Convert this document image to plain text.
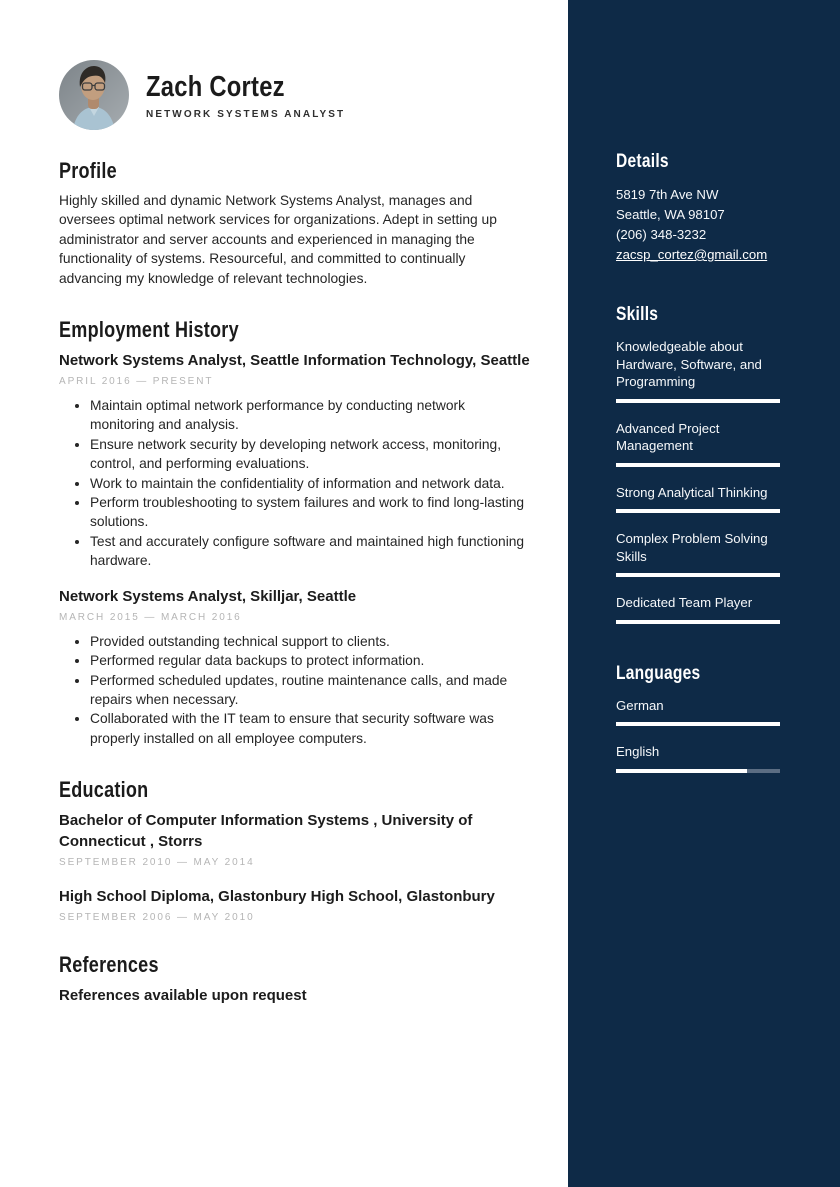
Zach Cortez
NETWORK SYSTEMS ANALYST
Profile

Highly skilled and dynamic Network Systems Analyst, manages and oversees optimal network services for organizations. Adept in setting up administrator and server accounts and experienced in managing the functionality of systems. Resourceful, and committed to continually advancing my knowledge of relevant technologies.

Employment History
Network Systems Analyst, Seattle Information Technology, Seattle
APRIL 2016 — PRESENT
• Maintain optimal network performance by conducting network monitoring and analysis.
• Ensure network security by developing network access, monitoring, control, and performing evaluations.
• Work to maintain the confidentiality of information and network data.
• Perform troubleshooting to system failures and work to find long-lasting solutions.
• Test and accurately configure software and maintained high functioning hardware.
Network Systems Analyst, Skilljar, Seattle
MARCH 2015 — MARCH 2016
• Provided outstanding technical support to clients.
• Performed regular data backups to protect information.
• Performed scheduled updates, routine maintenance calls, and made repairs when necessary.
• Collaborated with the IT team to ensure that security software was properly installed on all employee computers.
Education
Bachelor of Computer Information Systems , University of Connecticut , Storrs
SEPTEMBER 2010 — MAY 2014
High School Diploma, Glastonbury High School, Glastonbury
SEPTEMBER 2006 — MAY 2010
References
References available upon request
Details
5819 7th Ave NW
Seattle, WA 98107
(206) 348-3232
zacsp_cortez@gmail.com
Skills
Knowledgeable about Hardware, Software, and Programming
Advanced Project Management
Strong Analytical Thinking
Complex Problem Solving Skills
Dedicated Team Player
Languages
German
English
